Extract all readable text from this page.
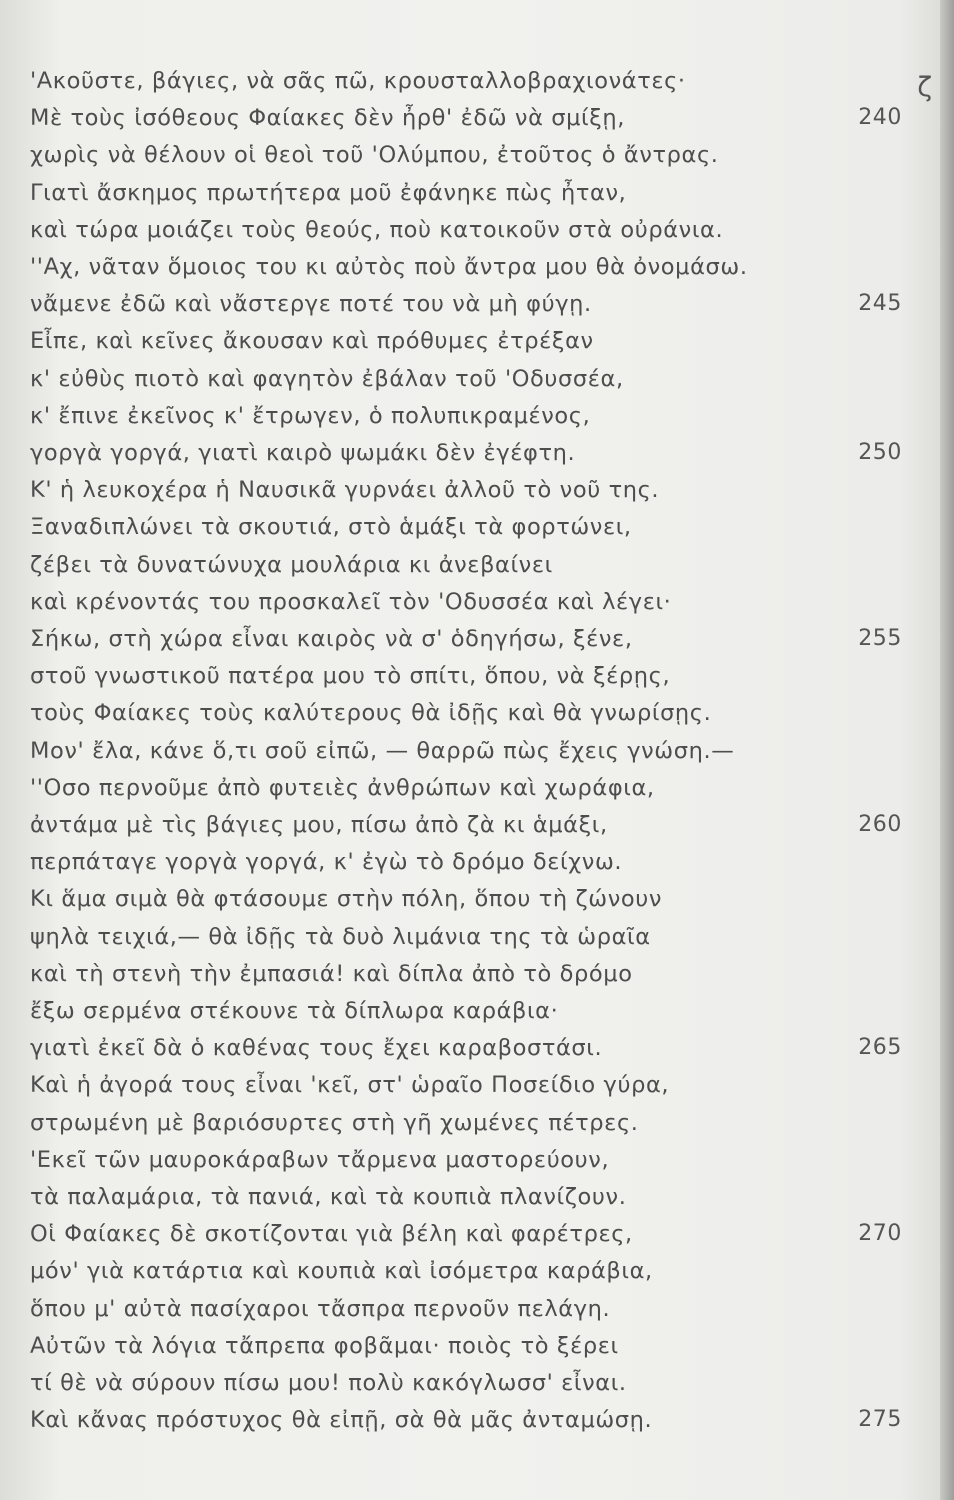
ζ
'Ακοῦστε, βάγιες, νὰ σᾶς πῶ, κρουσταλλοβραχιονάτες·
Μὲ τοὺς ἰσόθεους Φαίακες δὲν ἦρθ' ἐδῶ νὰ σμίξῃ,	240
χωρὶς νὰ θέλουν οἱ θεοὶ τοῦ 'Ολύμπου, ἐτοῦτος ὁ ἄντρας.
Γιατὶ ἄσκημος πρωτήτερα μοῦ ἐφάνηκε πὼς ἦταν,
καὶ τώρα μοιάζει τοὺς θεούς, ποὺ κατοικοῦν στὰ οὐράνια.
''Αχ, νᾶταν ὅμοιος του κι αὐτὸς ποὺ ἄντρα μου θὰ ὀνομάσω.
νἄμενε ἐδῶ καὶ νἄστεργε ποτέ του νὰ μὴ φύγῃ.	245
Εἶπε, καὶ κεῖνες ἄκουσαν καὶ πρόθυμες ἐτρέξαν
κ' εὐθὺς πιοτὸ καὶ φαγητὸν ἐβάλαν τοῦ 'Οδυσσέα,
κ' ἔπινε ἐκεῖνος κ' ἔτρωγεν, ὁ πολυπικραμένος,
γοργὰ γοργά, γιατὶ καιρὸ ψωμάκι δὲν ἐγέφτη.	250
Κ' ἡ λευκοχέρα ἡ Ναυσικᾶ γυρνάει ἀλλοῦ τὸ νοῦ της.
Ξαναδιπλώνει τὰ σκουτιά, στὸ ἁμάξι τὰ φορτώνει,
ζέβει τὰ δυνατώνυχα μουλάρια κι ἀνεβαίνει
καὶ κρένοντάς του προσκαλεῖ τὸν 'Οδυσσέα καὶ λέγει·
Σήκω, στὴ χώρα εἶναι καιρὸς νὰ σ' ὁδηγήσω, ξένε,	255
στοῦ γνωστικοῦ πατέρα μου τὸ σπίτι, ὅπου, νὰ ξέρῃς,
τοὺς Φαίακες τοὺς καλύτερους θὰ ἰδῇς καὶ θὰ γνωρίσῃς.
Μον' ἔλα, κάνε ὅ,τι σοῦ εἰπῶ, — θαρρῶ πὼς ἔχεις γνώση.—
''Οσο περνοῦμε ἀπὸ φυτειὲς ἀνθρώπων καὶ χωράφια,
ἀντάμα μὲ τὶς βάγιες μου, πίσω ἀπὸ ζὰ κι ἁμάξι,	260
περπάταγε γοργὰ γοργά, κ' ἐγὼ τὸ δρόμο δείχνω.
Κι ἅμα σιμὰ θὰ φτάσουμε στὴν πόλη, ὅπου τὴ ζώνουν
ψηλὰ τειχιά,— θὰ ἰδῇς τὰ δυὸ λιμάνια της τὰ ὡραῖα
καὶ τὴ στενὴ τὴν ἐμπασιά! καὶ δίπλα ἀπὸ τὸ δρόμο
ἔξω σερμένα στέκουνε τὰ δίπλωρα καράβια·
γιατὶ ἐκεῖ δὰ ὁ καθένας τους ἔχει καραβοστάσι.	265
Καὶ ἡ ἀγορά τους εἶναι 'κεῖ, στ' ὡραῖο Ποσείδιο γύρα,
στρωμένη μὲ βαριόσυρτες στὴ γῆ χωμένες πέτρες.
'Εκεῖ τῶν μαυροκάραβων τἄρμενα μαστορεύουν,
τὰ παλαμάρια, τὰ πανιά, καὶ τὰ κουπιὰ πλανίζουν.
Οἱ Φαίακες δὲ σκοτίζονται γιὰ βέλη καὶ φαρέτρες,	270
μόν' γιὰ κατάρτια καὶ κουπιὰ καὶ ἰσόμετρα καράβια,
ὅπου μ' αὐτὰ πασίχαροι τἄσπρα περνοῦν πελάγη.
Αὐτῶν τὰ λόγια τἄπρεπα φοβᾶμαι· ποιὸς τὸ ξέρει
τί θὲ νὰ σύρουν πίσω μου! πολὺ κακόγλωσσ' εἶναι.
Καὶ κἄνας πρόστυχος θὰ εἰπῇ, σὰ θὰ μᾶς ἀνταμώσῃ.	275
